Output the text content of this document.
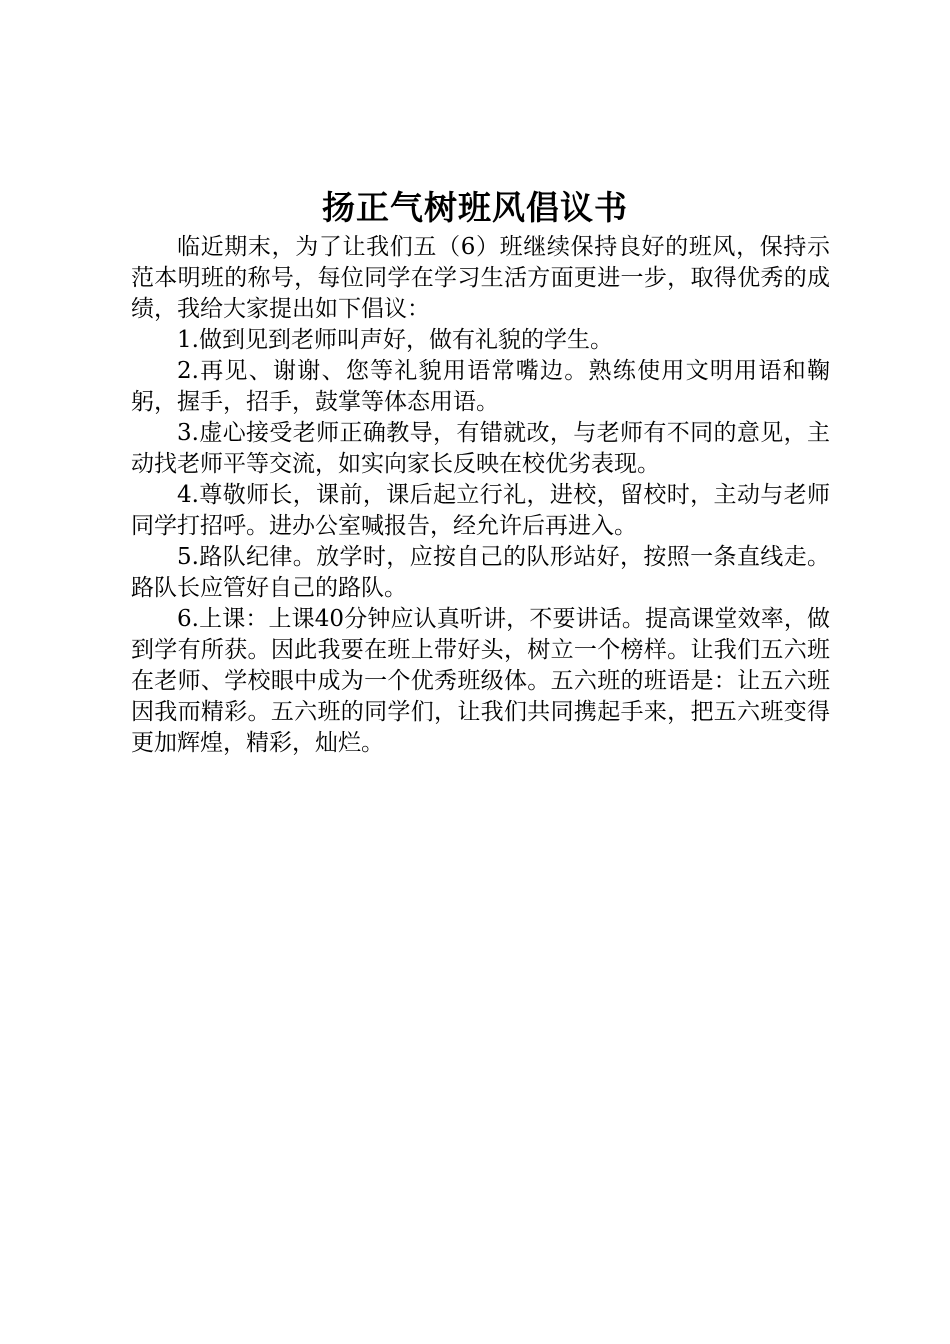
扬正气树班风倡议书

临近期末，为了让我们五（6）班继续保持良好的班风，保持示范本明班的称号，每位同学在学习生活方面更进一步，取得优秀的成绩，我给大家提出如下倡议：

1.做到见到老师叫声好，做有礼貌的学生。

2.再见、谢谢、您等礼貌用语常嘴边。熟练使用文明用语和鞠躬，握手，招手，鼓掌等体态用语。

3.虚心接受老师正确教导，有错就改，与老师有不同的意见，主动找老师平等交流，如实向家长反映在校优劣表现。

4.尊敬师长，课前，课后起立行礼，进校，留校时，主动与老师同学打招呼。进办公室喊报告，经允许后再进入。

5.路队纪律。放学时，应按自己的队形站好，按照一条直线走。路队长应管好自己的路队。

6.上课：上课40分钟应认真听讲，不要讲话。提高课堂效率，做到学有所获。因此我要在班上带好头，树立一个榜样。让我们五六班在老师、学校眼中成为一个优秀班级体。五六班的班语是：让五六班因我而精彩。五六班的同学们，让我们共同携起手来，把五六班变得更加辉煌，精彩，灿烂。
